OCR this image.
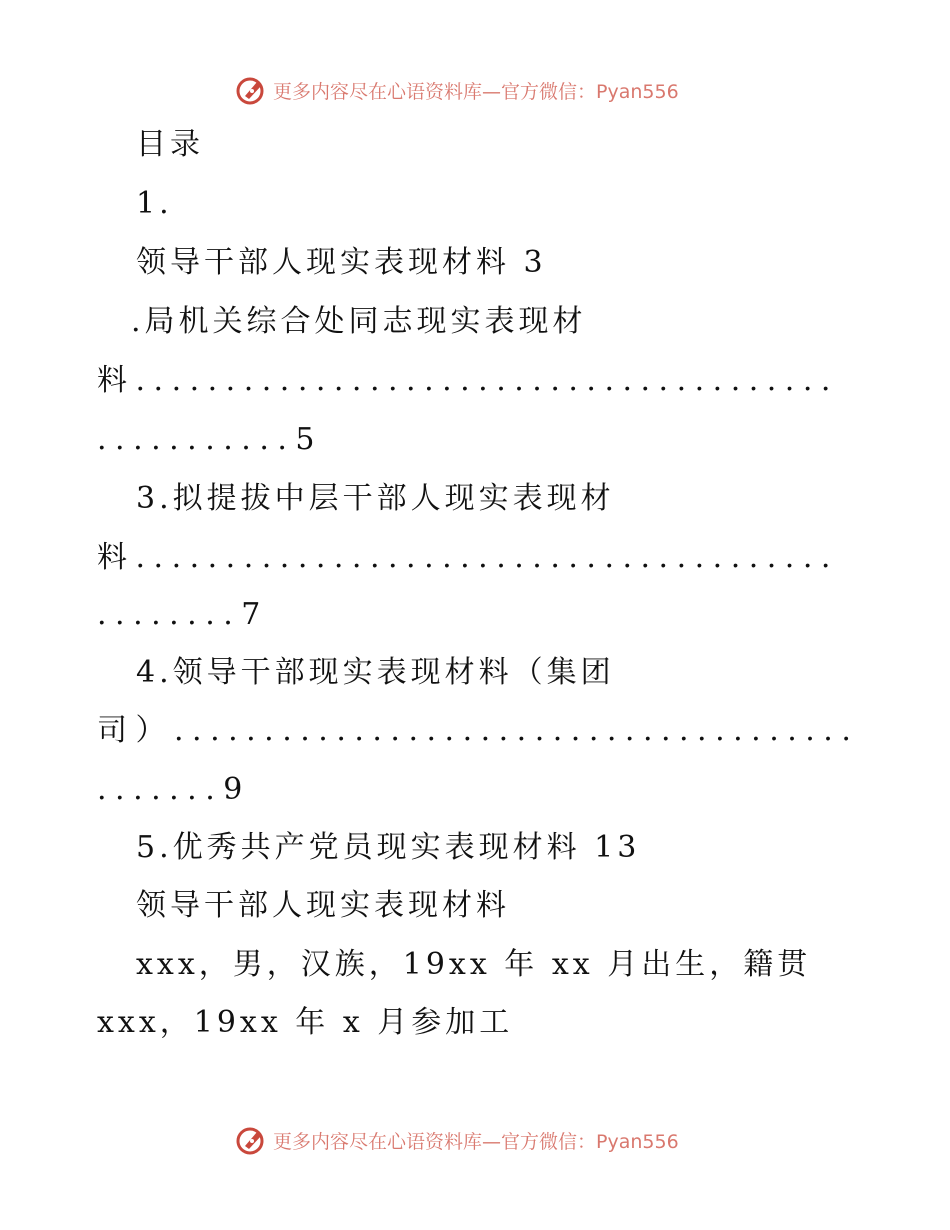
更多内容尽在心语资料库—官方微信：Pyan556
目录
1.
领导干部人现实表现材料 3
.局机关综合处同志现实表现材
料.......................................
...........5
3.拟提拔中层干部人现实表现材
料.......................................
........7
4.领导干部现实表现材料（集团
司）......................................
.......9
5.优秀共产党员现实表现材料 13
领导干部人现实表现材料
xxx，男，汉族，19xx 年 xx 月出生，籍贯
xxx，19xx 年 x 月参加工
更多内容尽在心语资料库—官方微信：Pyan556
